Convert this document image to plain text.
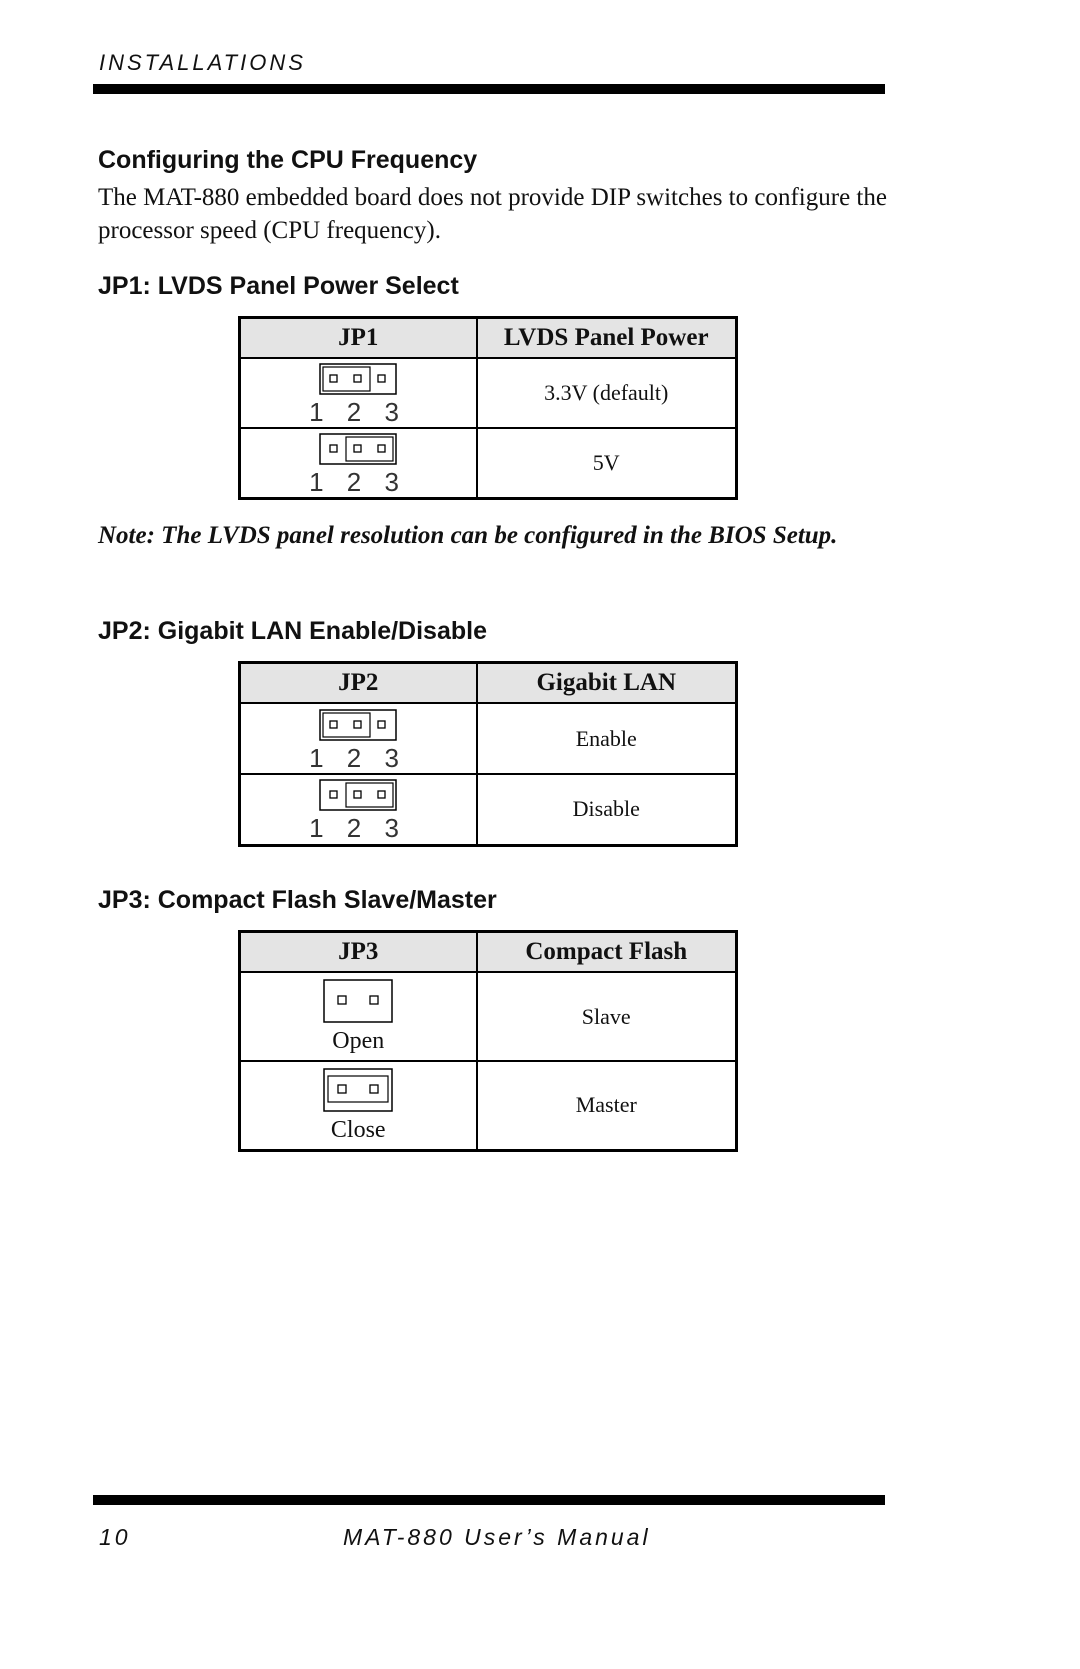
INSTALLATIONS
Configuring the CPU Frequency
The MAT-880 embedded board does not provide DIP switches to configure the processor speed (CPU frequency).
JP1: LVDS Panel Power Select
JP1	LVDS Panel Power

1 2 3	3.3V (default)

1 2 3	5V
Note: The LVDS panel resolution can be configured in the BIOS Setup.
JP2: Gigabit LAN Enable/Disable
JP2	Gigabit LAN

1 2 3	Enable

1 2 3	Disable
JP3: Compact Flash Slave/Master
JP3	Compact Flash

Open	Slave

Close	Master
10	MAT-880 User’s Manual
